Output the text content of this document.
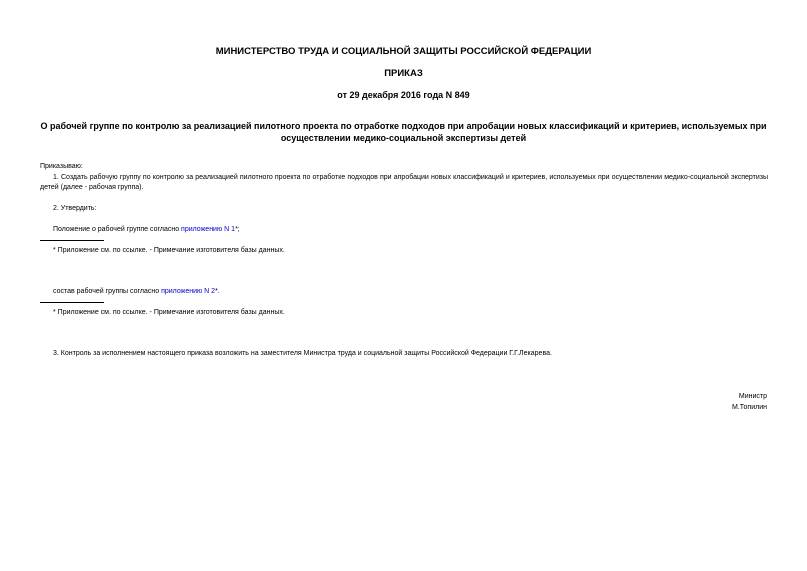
МИНИСТЕРСТВО ТРУДА И СОЦИАЛЬНОЙ ЗАЩИТЫ РОССИЙСКОЙ ФЕДЕРАЦИИ
ПРИКАЗ
от 29 декабря 2016 года N 849
О рабочей группе по контролю за реализацией пилотного проекта по отработке подходов при апробации новых классификаций и критериев, используемых при осуществлении медико-социальной экспертизы детей
Приказываю:
1. Создать рабочую группу по контролю за реализацией пилотного проекта по отработке подходов при апробации новых классификаций и критериев, используемых при осуществлении медико-социальной экспертизы детей (далее - рабочая группа).
2. Утвердить:
Положение о рабочей группе согласно приложению N 1*;
* Приложение см. по ссылке. - Примечание изготовителя базы данных.
состав рабочей группы согласно приложению N 2*.
* Приложение см. по ссылке. - Примечание изготовителя базы данных.
3. Контроль за исполнением настоящего приказа возложить на заместителя Министра труда и социальной защиты Российской Федерации Г.Г.Лекарева.
Министр
М.Топилин
